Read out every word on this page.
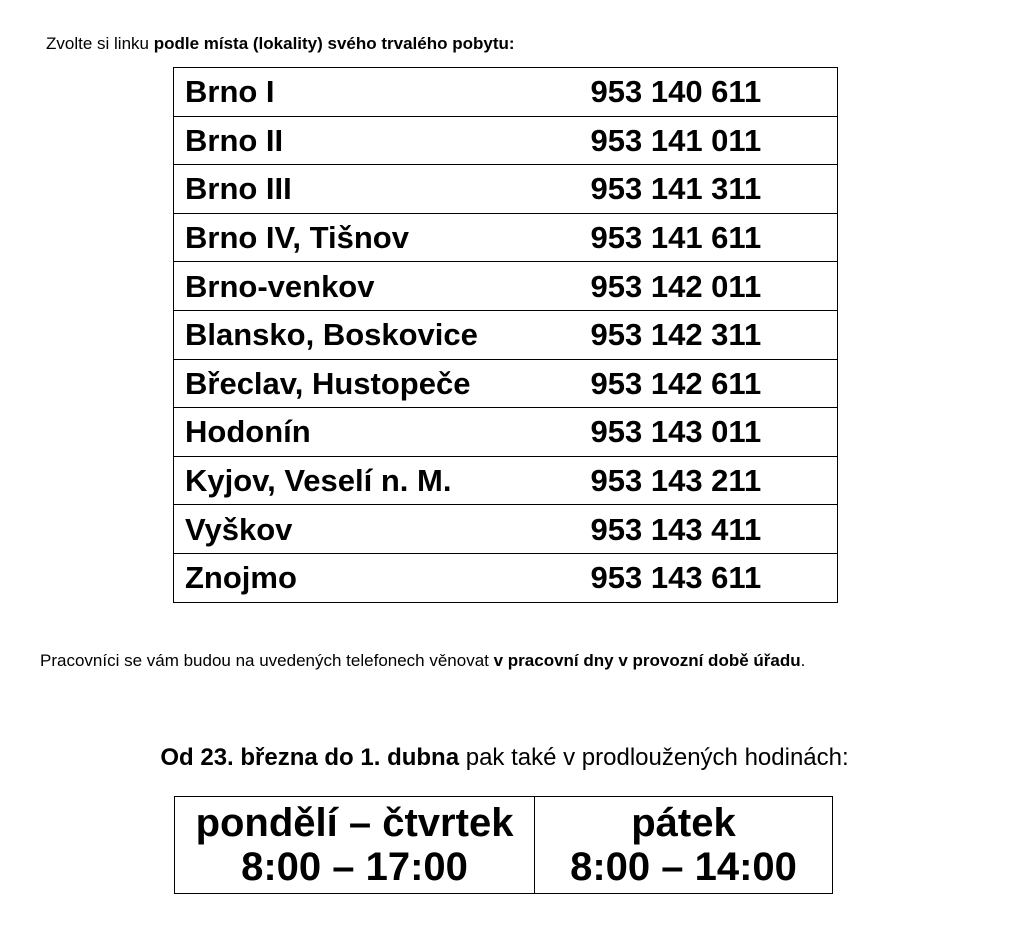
Zvolte si linku podle místa (lokality) svého trvalého pobytu:
Brno I	953 140 611
Brno II	953 141 011
Brno III	953 141 311
Brno IV, Tišnov	953 141 611
Brno-venkov	953 142 011
Blansko, Boskovice	953 142 311
Břeclav, Hustopeče	953 142 611
Hodonín	953 143 011
Kyjov, Veselí n. M.	953 143 211
Vyškov	953 143 411
Znojmo	953 143 611
Pracovníci se vám budou na uvedených telefonech věnovat v pracovní dny v provozní době úřadu.
Od 23. března do 1. dubna pak také v prodloužených hodinách:
pondělí – čtvrtek
8:00 – 17:00

pátek
8:00 – 14:00
